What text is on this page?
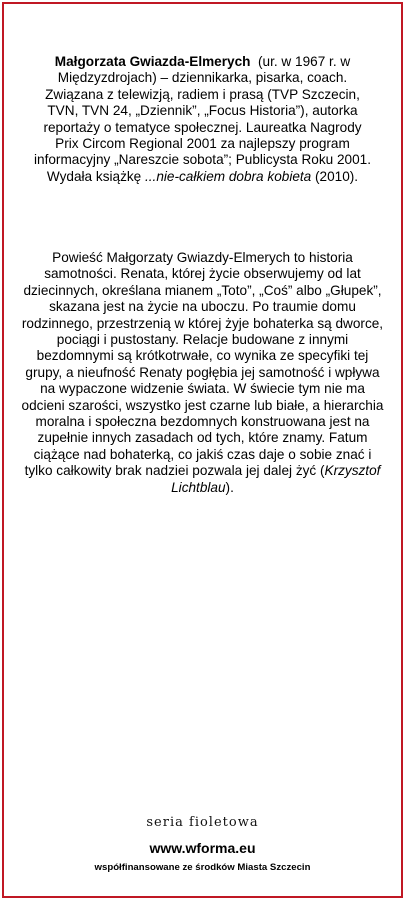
Małgorzata Gwiazda-Elmerych (ur. w 1967 r. w Międzyzdrojach) – dziennikarka, pisarka, coach. Związana z telewizją, radiem i prasą (TVP Szczecin, TVN, TVN 24, „Dziennik”, „Focus Historia”), autorka reportaży o tematyce społecznej. Laureatka Nagrody Prix Circom Regional 2001 za najlepszy program informacyjny „Nareszcie sobota”; Publicysta Roku 2001. Wydała książkę ...nie-całkiem dobra kobieta (2010).

Powieść Małgorzaty Gwiazdy-Elmerych to historia samotności. Renata, której życie obserwujemy od lat dziecinnych, określana mianem „Toto”, „Coś” albo „Głupek”, skazana jest na życie na uboczu. Po traumie domu rodzinnego, przestrzenią w której żyje bohaterka są dworce, pociągi i pustostany. Relacje budowane z innymi bezdomnymi są krótkotrwałe, co wynika ze specyfiki tej grupy, a nieufność Renaty pogłębia jej samotność i wpływa na wypaczone widzenie świata. W świecie tym nie ma odcieni szarości, wszystko jest czarne lub białe, a hierarchia moralna i społeczna bezdomnych konstruowana jest na zupełnie innych zasadach od tych, które znamy. Fatum ciążące nad bohaterką, co jakiś czas daje o sobie znać i tylko całkowity brak nadziei pozwala jej dalej żyć (Krzysztof Lichtblau).

seria fioletowa
www.wforma.eu
współfinansowane ze środków Miasta Szczecin
